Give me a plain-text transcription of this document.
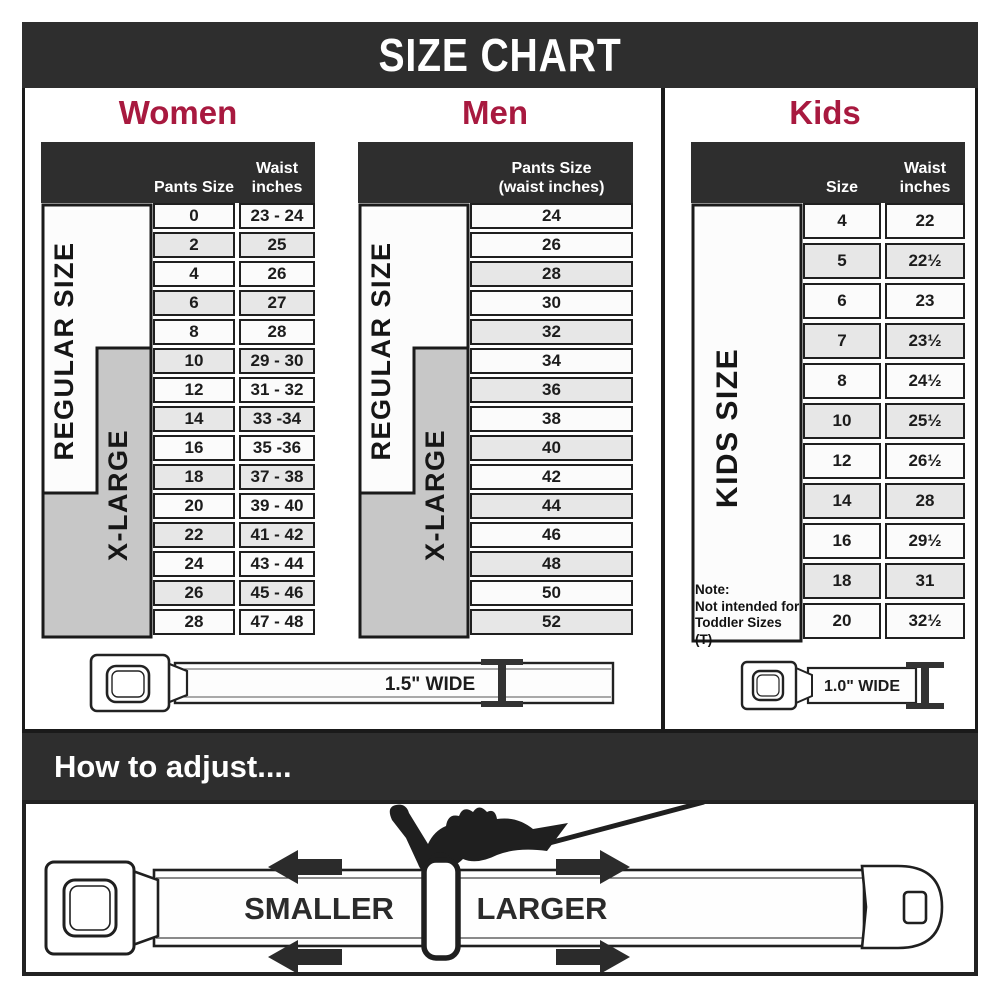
SIZE CHART
Women	Men	Kids
Pants Size
Waist inches
REGULAR SIZE
X-LARGE
0	23 - 24
2	25
4	26
6	27
8	28
10	29 - 30
12	31 - 32
14	33 -34
16	35 -36
18	37 - 38
20	39 - 40
22	41 - 42
24	43 - 44
26	45 - 46
28	47 - 48
Pants Size
(waist inches)
REGULAR SIZE
X-LARGE
24
26
28
30
32
34
36
38
40
42
44
46
48
50
52
Size
Waist inches
KIDS SIZE
Note:
Not intended for
Toddler Sizes (T)
4	22
5	22½
6	23
7	23½
8	24½
10	25½
12	26½
14	28
16	29½
18	31
20	32½
1.5" WIDE	1.0" WIDE
How to adjust....
SMALLER	LARGER
